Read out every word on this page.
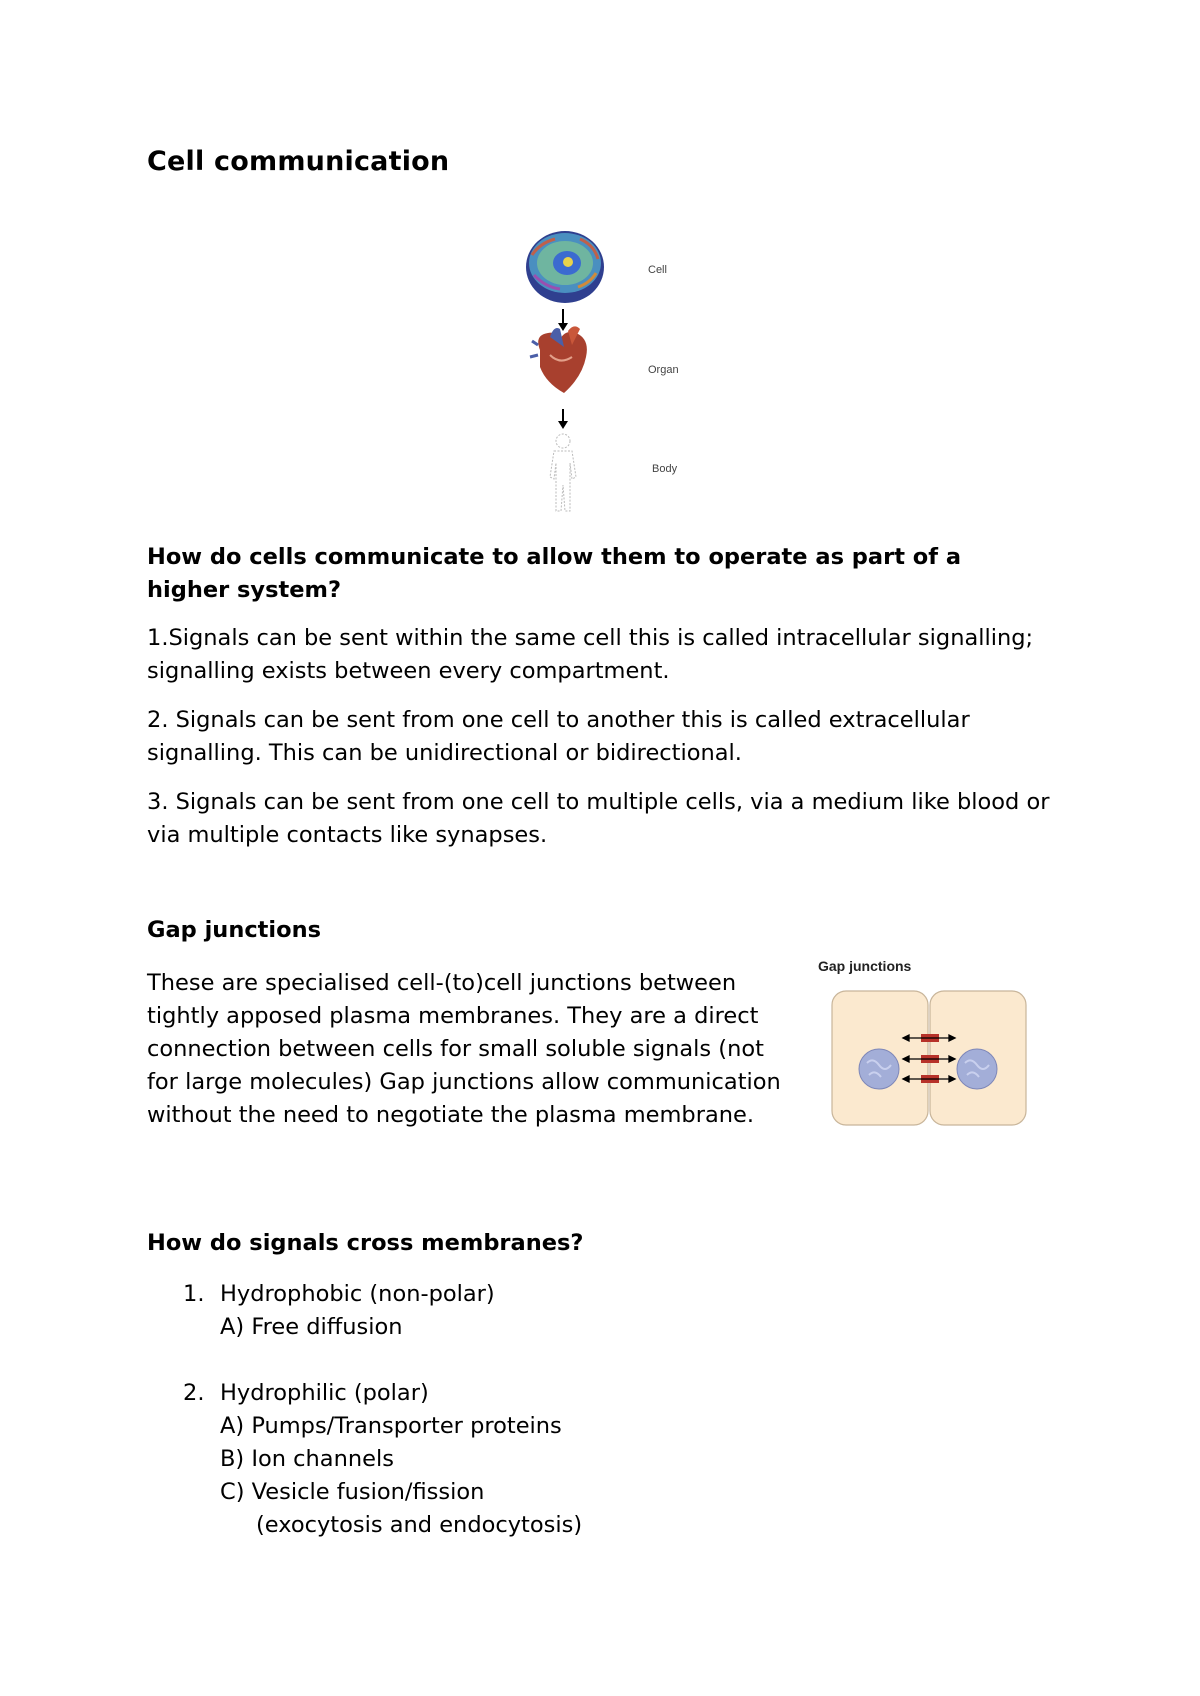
Cell communication
Cell
Organ
Body
How do cells communicate to allow them to operate as part of a higher system?
1.Signals can be sent within the same cell this is called intracellular signalling; signalling exists between every compartment.
2. Signals can be sent from one cell to another this is called extracellular signalling. This can be unidirectional or bidirectional.
3. Signals can be sent from one cell to multiple cells, via a medium like blood or via multiple contacts like synapses.
Gap junctions
These are specialised cell-(to)cell junctions between tightly apposed plasma membranes. They are a direct connection between cells for small soluble signals (not for large molecules) Gap junctions allow communication without the need to negotiate the plasma membrane.
Gap junctions
How do signals cross membranes?
1. Hydrophobic (non-polar)
A) Free diffusion
2. Hydrophilic (polar)
A) Pumps/Transporter proteins
B) Ion channels
C) Vesicle fusion/fission
(exocytosis and endocytosis)
